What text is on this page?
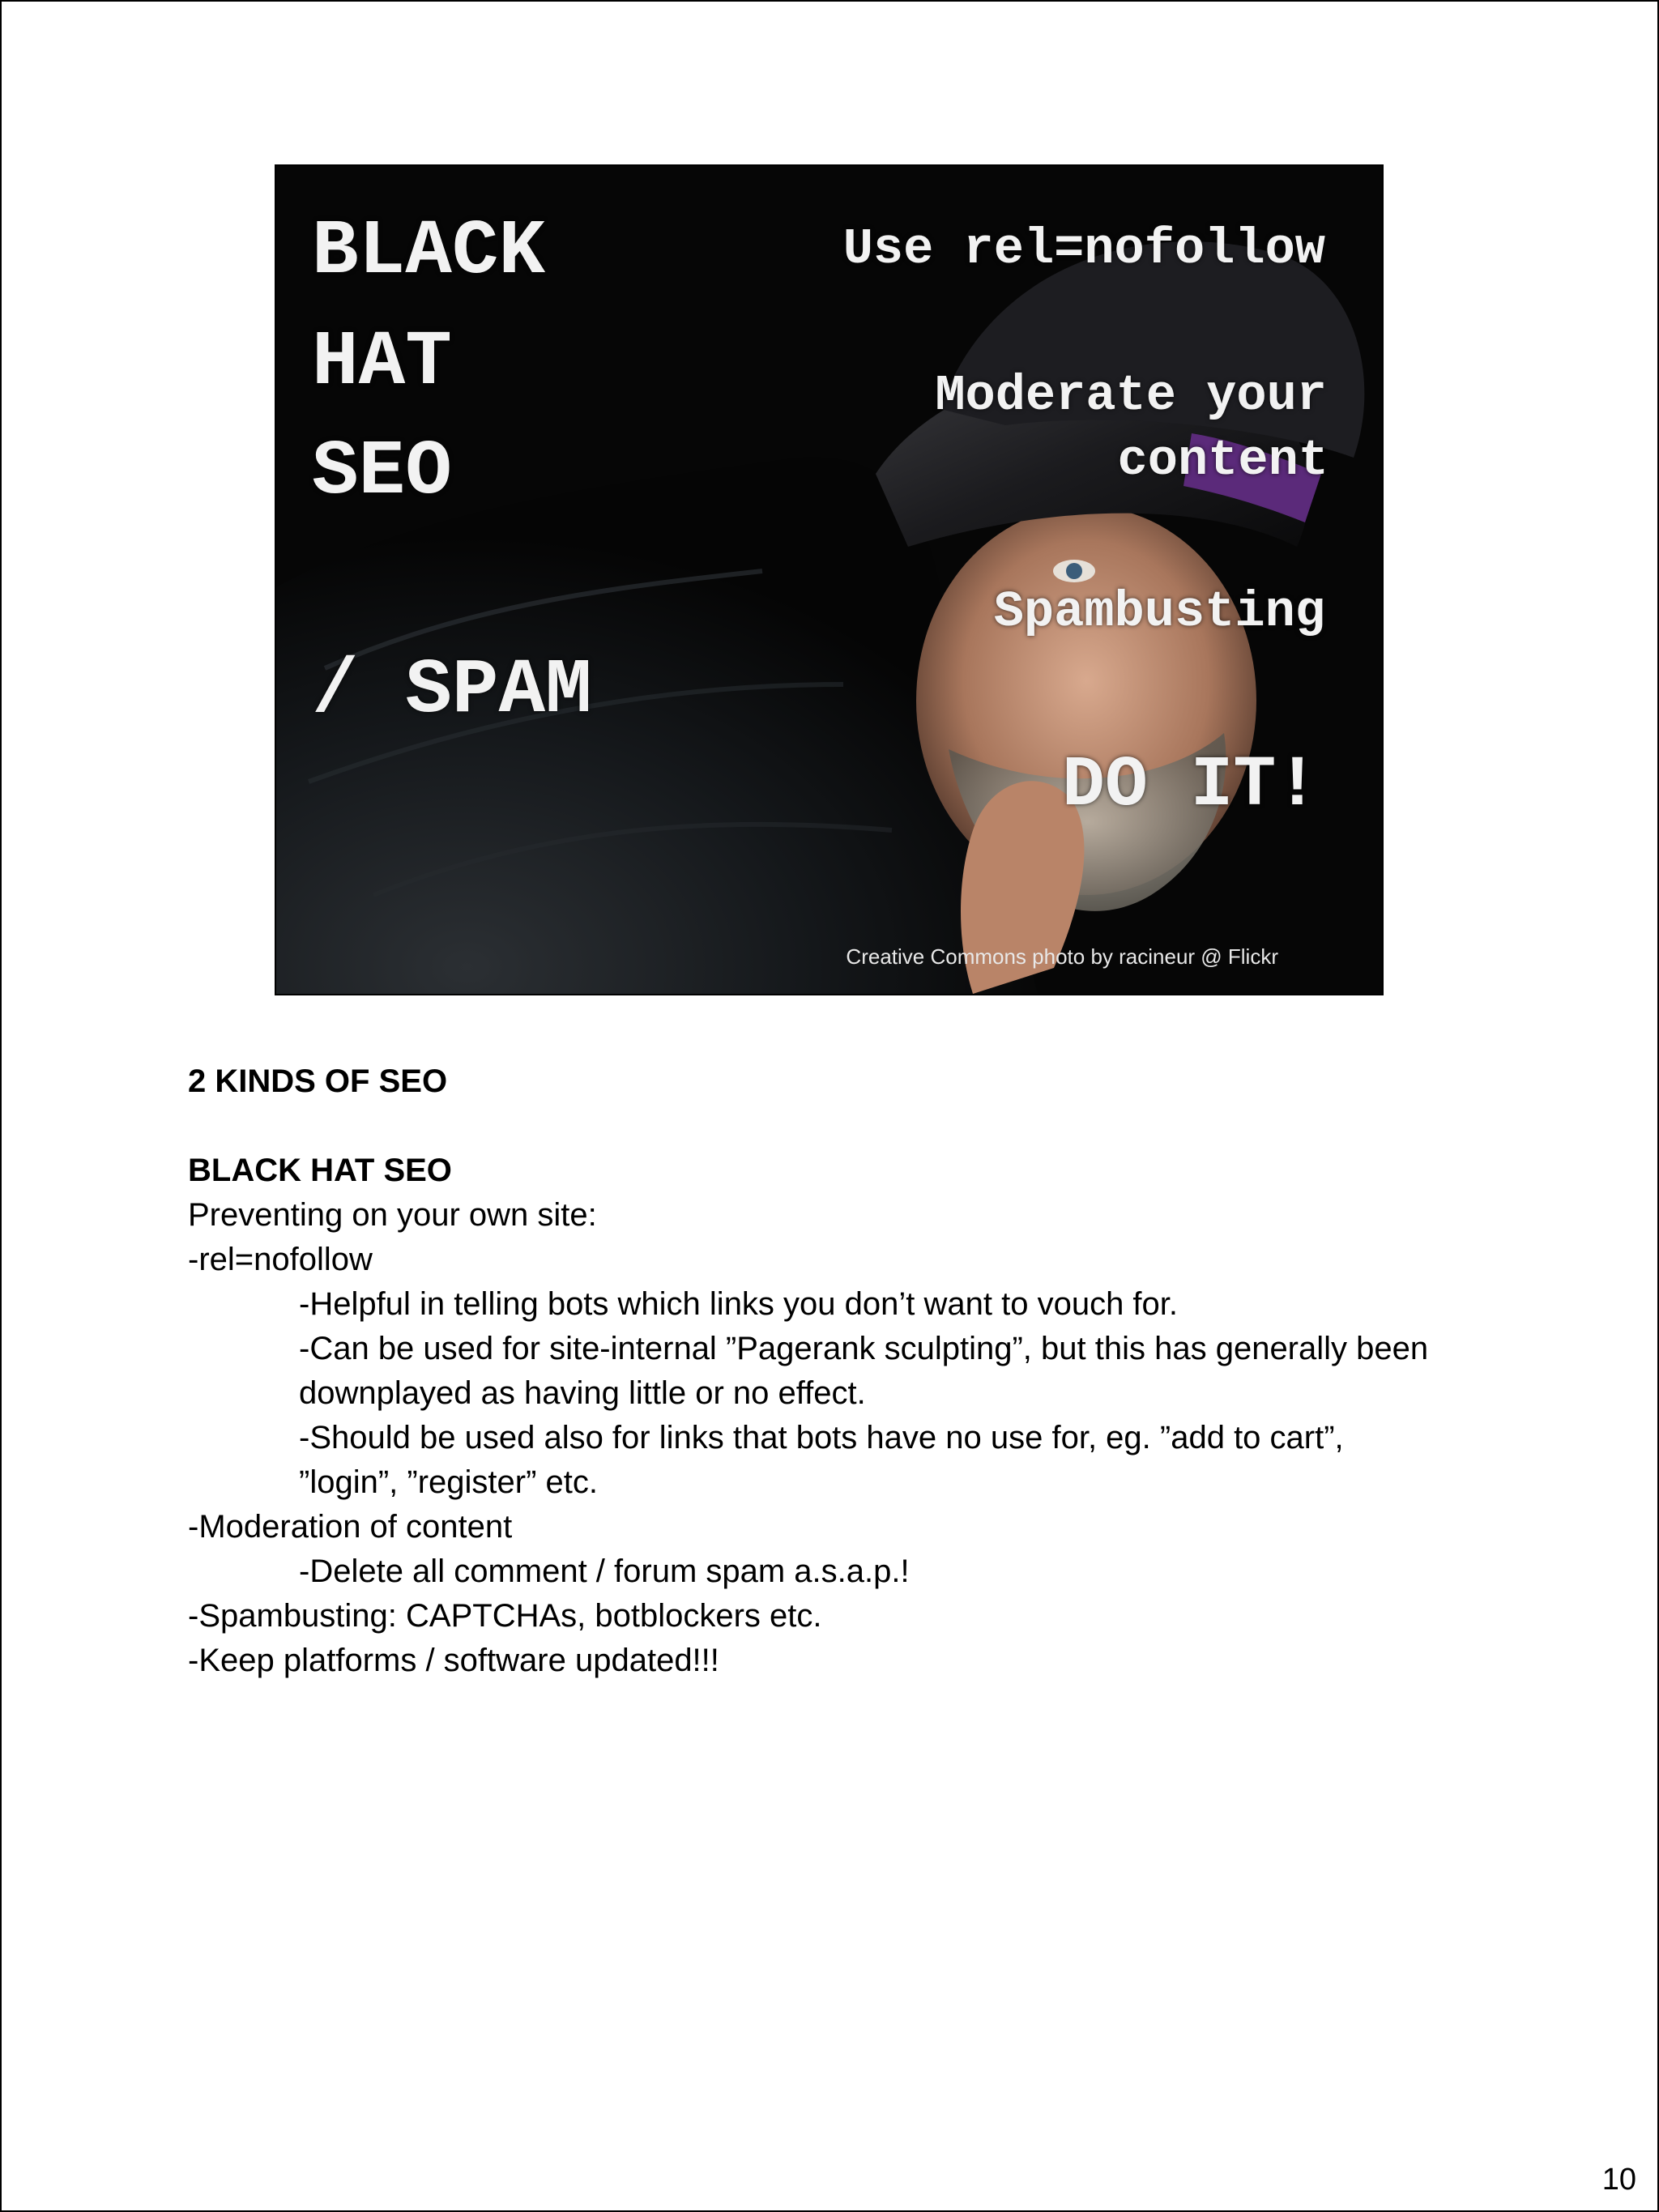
BLACK
HAT
SEO
/ SPAM
Use rel=nofollow
Moderate your
content
Spambusting
DO IT!
Creative Commons photo by racineur @ Flickr
2 KINDS OF SEO
BLACK HAT SEO
Preventing on your own site:
-rel=nofollow
-Helpful in telling bots which links you don’t want to vouch for.
-Can be used for site-internal ”Pagerank sculpting”, but this has generally been
downplayed as having little or no effect.
-Should be used also for links that bots have no use for, eg. ”add to cart”,
”login”, ”register” etc.
-Moderation of content
-Delete all comment / forum spam a.s.a.p.!
-Spambusting: CAPTCHAs, botblockers etc.
-Keep platforms / software updated!!!
10
